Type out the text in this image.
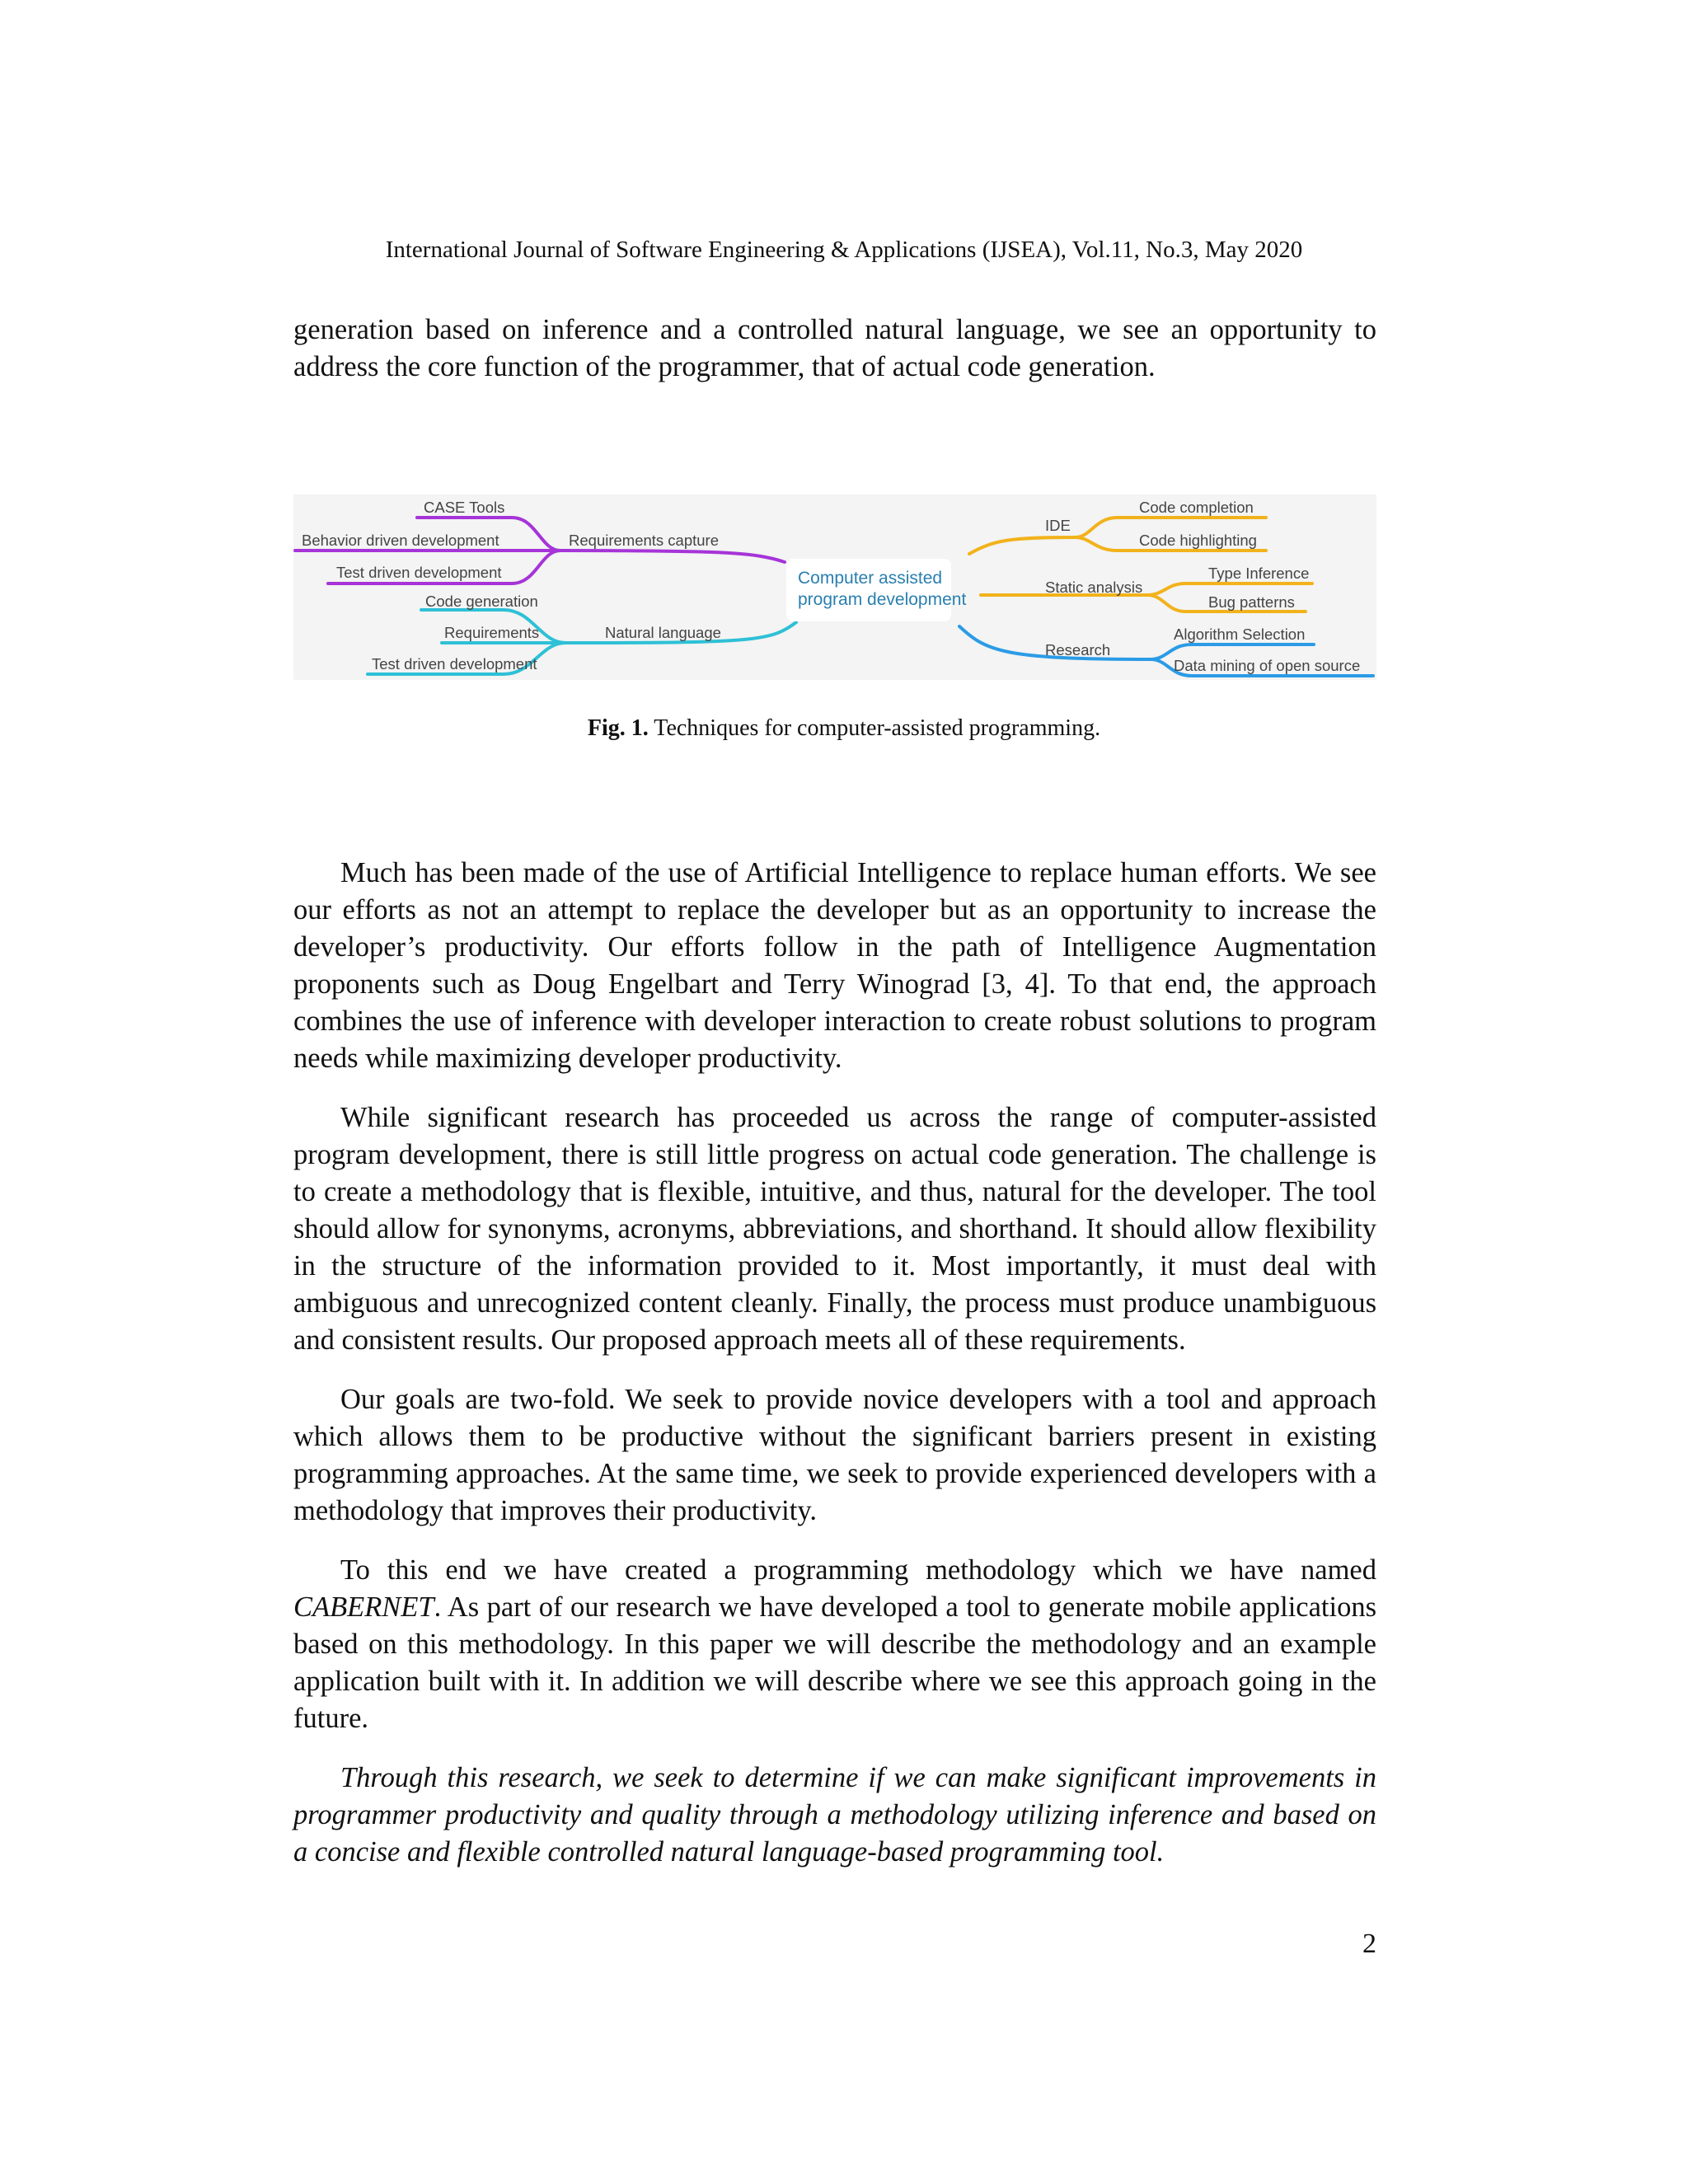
International Journal of Software Engineering & Applications (IJSEA), Vol.11, No.3, May 2020

generation based on inference and a controlled natural language, we see an opportunity to address the core function of the programmer, that of actual code generation.

Computer assisted
program development
Requirements capture
CASE Tools
Behavior driven development
Test driven development
Natural language
Code generation
Requirements
Test driven development
IDE
Code completion
Code highlighting
Static analysis
Type Inference
Bug patterns
Research
Algorithm Selection
Data mining of open source
Fig. 1. Techniques for computer-assisted programming.

Much has been made of the use of Artificial Intelligence to replace human efforts. We see our efforts as not an attempt to replace the developer but as an opportunity to increase the developer’s productivity. Our efforts follow in the path of Intelligence Augmentation proponents such as Doug Engelbart and Terry Winograd [3, 4]. To that end, the approach combines the use of inference with developer interaction to create robust solutions to program needs while maximizing developer productivity.

While significant research has proceeded us across the range of computer-assisted program development, there is still little progress on actual code generation. The challenge is to create a methodology that is flexible, intuitive, and thus, natural for the developer. The tool should allow for synonyms, acronyms, abbreviations, and shorthand. It should allow flexibility in the structure of the information provided to it. Most importantly, it must deal with ambiguous and unrecognized content cleanly. Finally, the process must produce unambiguous and consistent results. Our proposed approach meets all of these requirements.

Our goals are two-fold. We seek to provide novice developers with a tool and approach which allows them to be productive without the significant barriers present in existing programming approaches. At the same time, we seek to provide experienced developers with a methodology that improves their productivity.

To this end we have created a programming methodology which we have named CABERNET. As part of our research we have developed a tool to generate mobile applications based on this methodology. In this paper we will describe the methodology and an example application built with it. In addition we will describe where we see this approach going in the future.

Through this research, we seek to determine if we can make significant improvements in programmer productivity and quality through a methodology utilizing inference and based on a concise and flexible controlled natural language-based programming tool.

2
